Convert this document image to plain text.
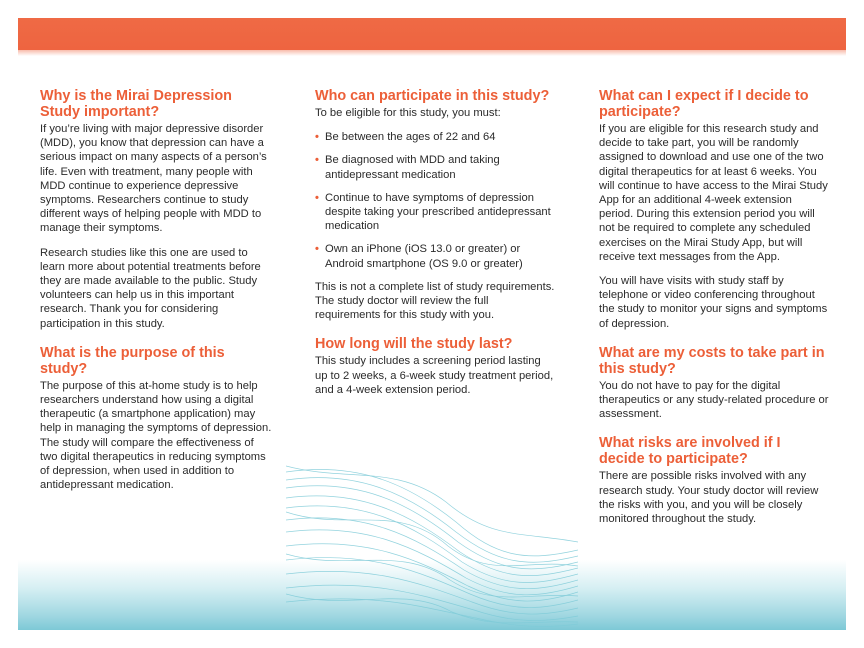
Why is the Mirai Depression Study important?

If you’re living with major depressive disorder (MDD), you know that depression can have a serious impact on many aspects of a person’s life. Even with treatment, many people with MDD continue to experience depressive symptoms. Researchers continue to study different ways of helping people with MDD to manage their symptoms.

Research studies like this one are used to learn more about potential treatments before they are made available to the public. Study volunteers can help us in this important research. Thank you for considering participation in this study.

What is the purpose of this study?

The purpose of this at-home study is to help researchers understand how using a digital therapeutic (a smartphone application) may help in managing the symptoms of depression. The study will compare the effectiveness of two digital therapeutics in reducing symptoms of depression, when used in addition to antidepressant medication.

Who can participate in this study?

To be eligible for this study, you must:

• Be between the ages of 22 and 64
• Be diagnosed with MDD and taking antidepressant medication
• Continue to have symptoms of depression despite taking your prescribed antidepressant medication
• Own an iPhone (iOS 13.0 or greater) or Android smartphone (OS 9.0 or greater)

This is not a complete list of study requirements. The study doctor will review the full requirements for this study with you.

How long will the study last?

This study includes a screening period lasting up to 2 weeks, a 6-week study treatment period, and a 4-week extension period.

What can I expect if I decide to participate?

If you are eligible for this research study and decide to take part, you will be randomly assigned to download and use one of the two digital therapeutics for at least 6 weeks. You will continue to have access to the Mirai Study App for an additional 4-week extension period. During this extension period you will not be required to complete any scheduled exercises on the Mirai Study App, but will receive text messages from the App.

You will have visits with study staff by telephone or video conferencing throughout the study to monitor your signs and symptoms of depression.

What are my costs to take part in this study?

You do not have to pay for the digital therapeutics or any study-related procedure or assessment.

What risks are involved if I decide to participate?

There are possible risks involved with any research study. Your study doctor will review the risks with you, and you will be closely monitored throughout the study.
